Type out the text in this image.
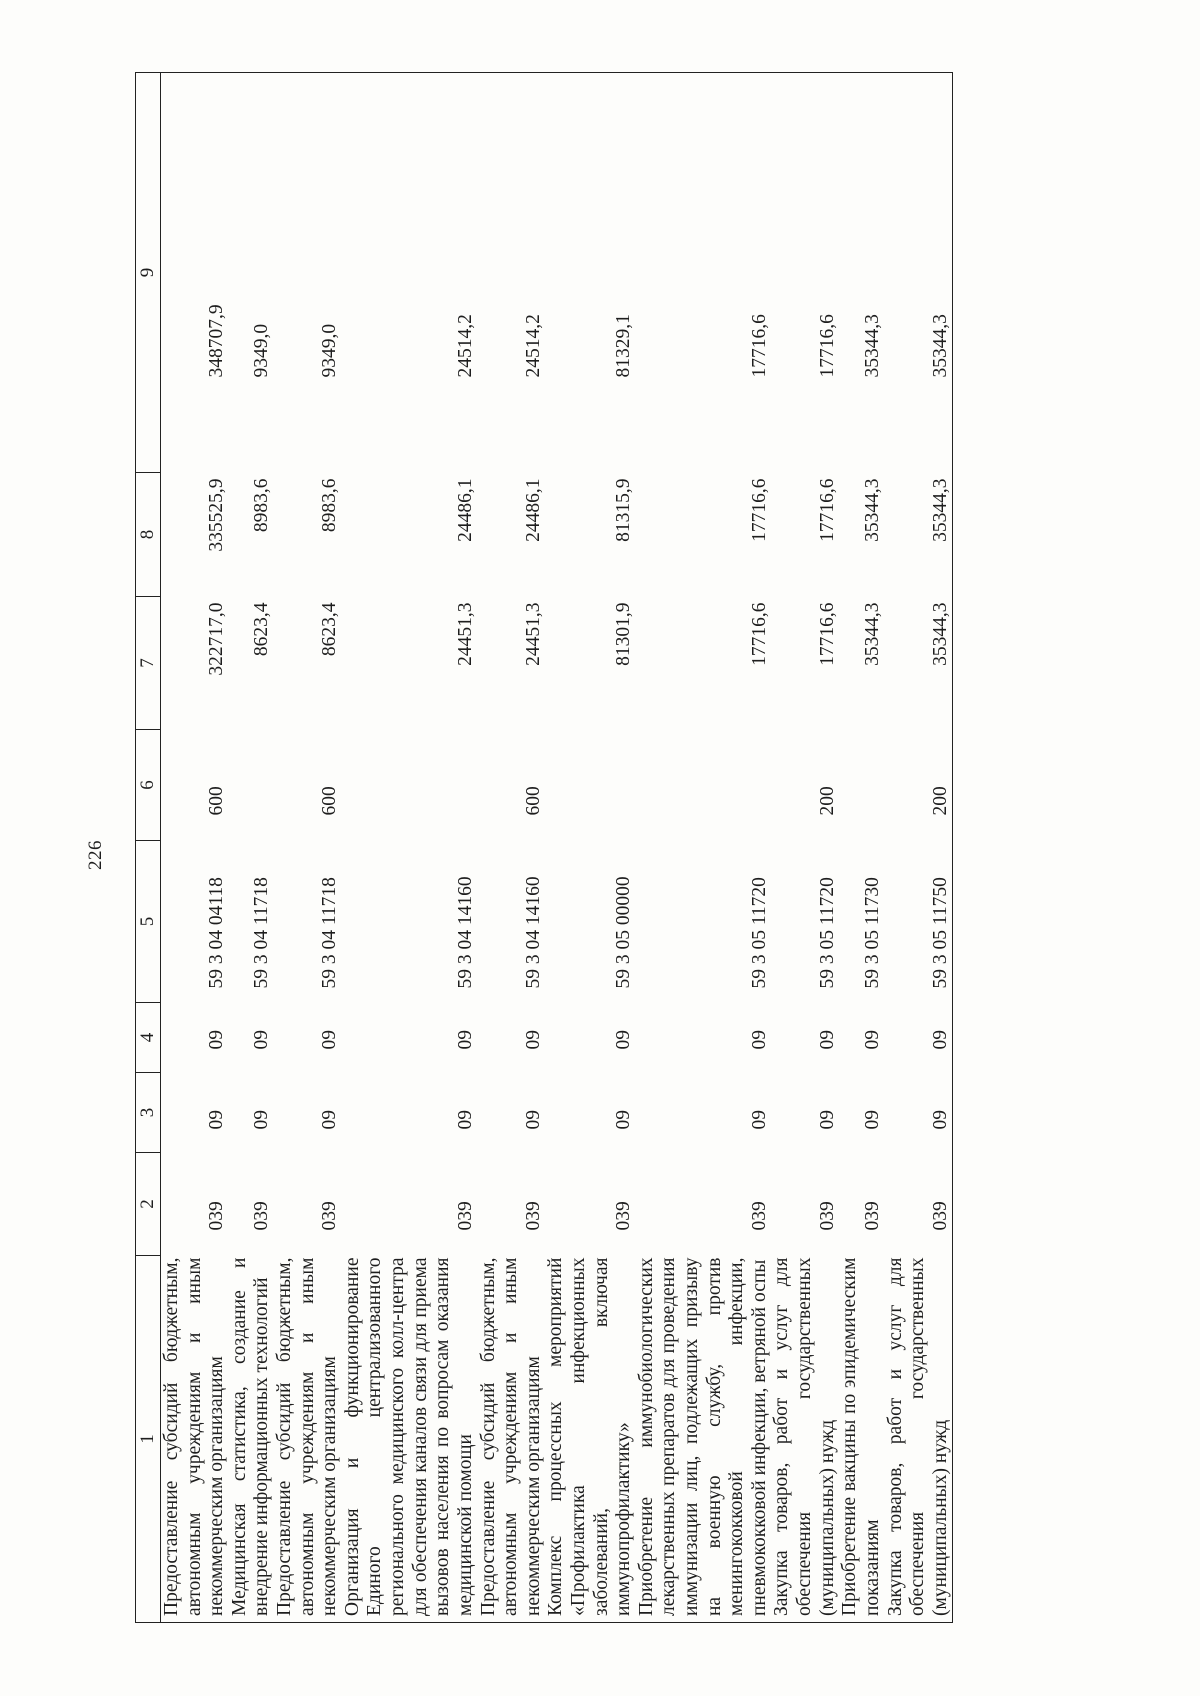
226
1	2	3	4	5	6	7	8	9
Предоставление субсидий бюджетным, автономным учреждениям и иным некоммерческим организациям	039	09	09	59 3 04 04118	600	322717,0	335525,9	348707,9
Медицинская статистика, создание и внедрение информационных технологий	039	09	09	59 3 04 11718		8623,4	8983,6	9349,0
Предоставление субсидий бюджетным, автономным учреждениям и иным некоммерческим организациям	039	09	09	59 3 04 11718	600	8623,4	8983,6	9349,0
Организация и функционирование Единого централизованного регионального медицинского колл-центра для обеспечения каналов связи для приема вызовов населения по вопросам оказания медицинской помощи	039	09	09	59 3 04 14160		24451,3	24486,1	24514,2
Предоставление субсидий бюджетным, автономным учреждениям и иным некоммерческим организациям	039	09	09	59 3 04 14160	600	24451,3	24486,1	24514,2
Комплекс процессных мероприятий «Профилактика инфекционных заболеваний, включая иммунопрофилактику»	039	09	09	59 3 05 00000		81301,9	81315,9	81329,1
Приобретение иммунобиологических лекарственных препаратов для проведения иммунизации лиц, подлежащих призыву на военную службу, против менингококковой инфекции, пневмококковой инфекции, ветряной оспы	039	09	09	59 3 05 11720		17716,6	17716,6	17716,6
Закупка товаров, работ и услуг для обеспечения государственных (муниципальных) нужд	039	09	09	59 3 05 11720	200	17716,6	17716,6	17716,6
Приобретение вакцины по эпидемическим показаниям	039	09	09	59 3 05 11730		35344,3	35344,3	35344,3
Закупка товаров, работ и услуг для обеспечения государственных (муниципальных) нужд	039	09	09	59 3 05 11750	200	35344,3	35344,3	35344,3
